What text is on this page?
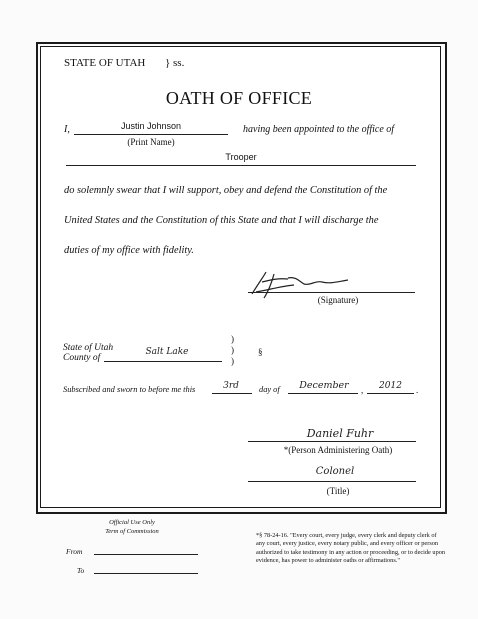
STATE OF UTAH } ss.
OATH OF OFFICE
I,	Justin Johnson
(Print Name)
having been appointed to the office of
Trooper
do solemnly swear that I will support, obey and defend the Constitution of the
United States and the Constitution of this State and that I will discharge the
duties of my office with fidelity.
(Signature)
State of Utah
County of
Salt Lake
)
)
)
§
Subscribed and sworn to before me this	3rd	day of	December	,	2012	.
Daniel Fuhr
*(Person Administering Oath)
Colonel
(Title)
Official Use Only
Term of Commission
From
To
*§ 78-24-16. "Every court, every judge, every clerk and deputy clerk of any court, every justice, every notary public, and every officer or person authorized to take testimony in any action or proceeding, or to decide upon evidence, has power to administer oaths or affirmations."
